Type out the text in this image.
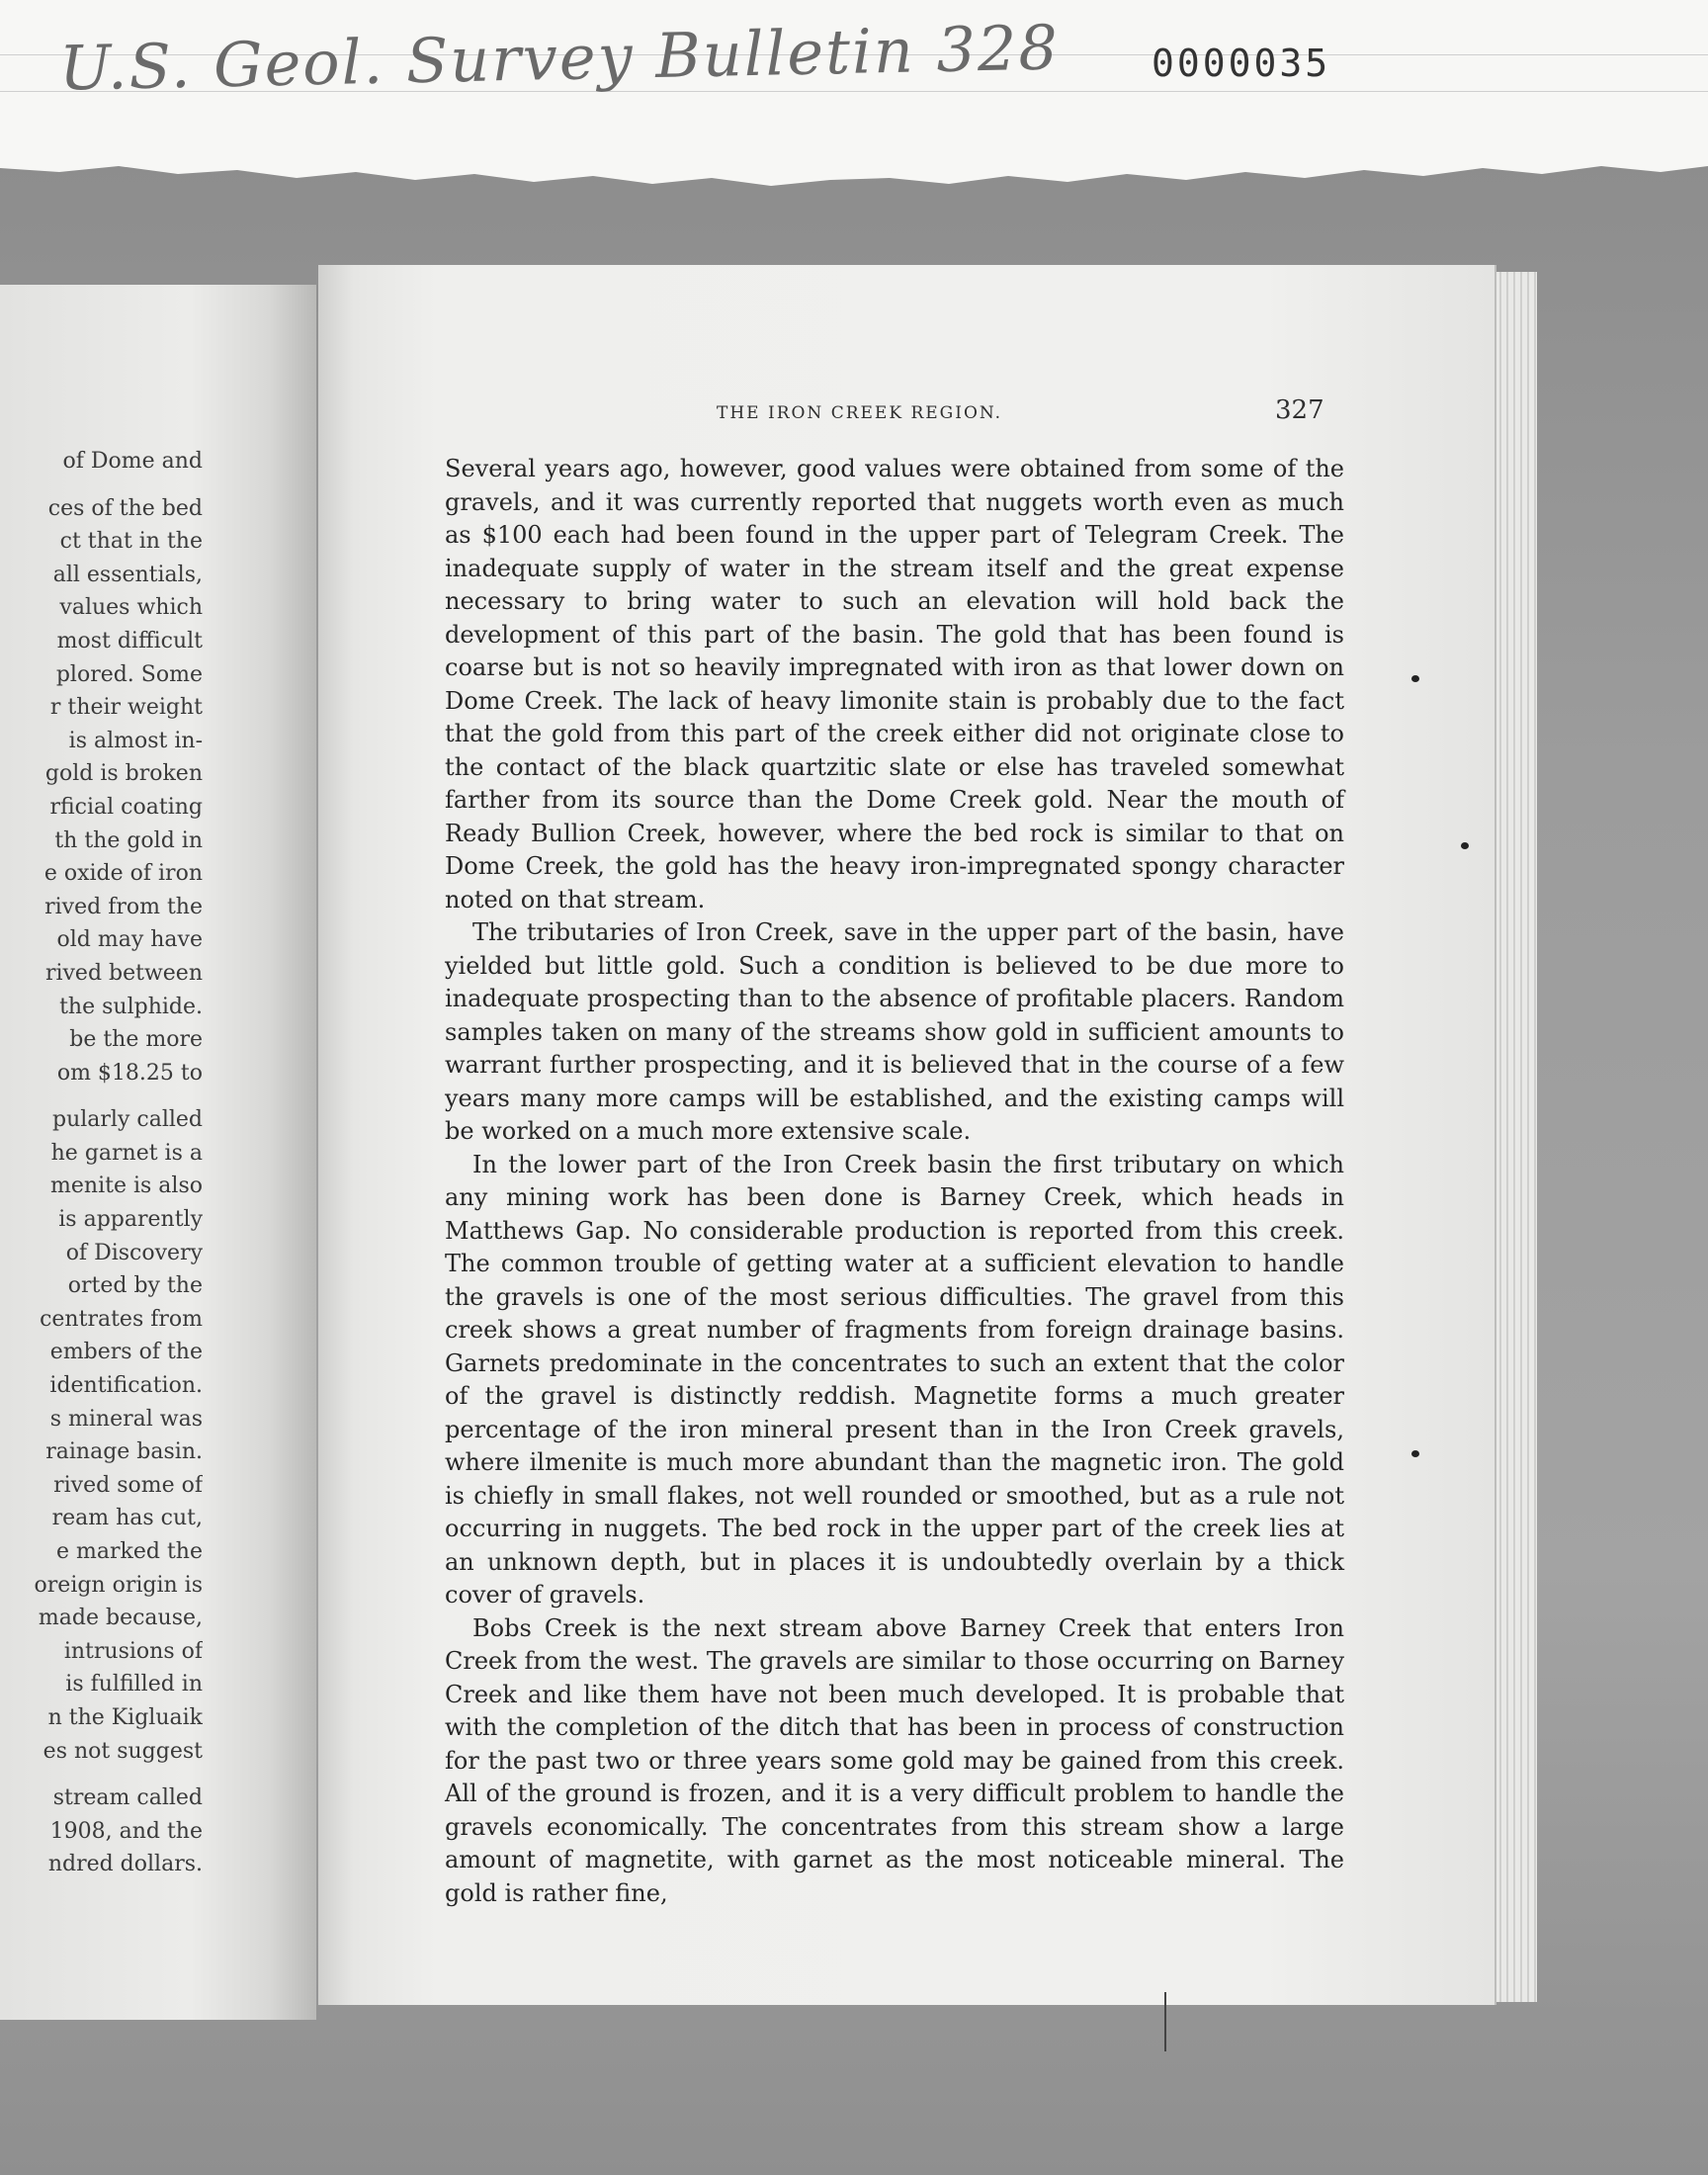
U.S. Geol. Survey Bulletin 328 0000035
of Dome and

ces of the bed
ct that in the
all essentials,
values which
most difficult
plored. Some
r their weight
is almost in-
gold is broken
rficial coating
th the gold in
e oxide of iron
rived from the
old may have
rived between
the sulphide.
be the more
om $18.25 to

pularly called
he garnet is a
menite is also
is apparently
of Discovery
orted by the
centrates from
embers of the
identification.
s mineral was
rainage basin.
rived some of
ream has cut,
e marked the
oreign origin is
made because,
intrusions of
is fulfilled in
n the Kigluaik
es not suggest

stream called
1908, and the
ndred dollars.
THE IRON CREEK REGION.	327

Several years ago, however, good values were obtained from some of the gravels, and it was currently reported that nuggets worth even as much as $100 each had been found in the upper part of Telegram Creek. The inadequate supply of water in the stream itself and the great expense necessary to bring water to such an elevation will hold back the development of this part of the basin. The gold that has been found is coarse but is not so heavily impregnated with iron as that lower down on Dome Creek. The lack of heavy limonite stain is probably due to the fact that the gold from this part of the creek either did not originate close to the contact of the black quartzitic slate or else has traveled somewhat farther from its source than the Dome Creek gold. Near the mouth of Ready Bullion Creek, however, where the bed rock is similar to that on Dome Creek, the gold has the heavy iron-impregnated spongy character noted on that stream.

The tributaries of Iron Creek, save in the upper part of the basin, have yielded but little gold. Such a condition is believed to be due more to inadequate prospecting than to the absence of profitable placers. Random samples taken on many of the streams show gold in sufficient amounts to warrant further prospecting, and it is believed that in the course of a few years many more camps will be established, and the existing camps will be worked on a much more extensive scale.

In the lower part of the Iron Creek basin the first tributary on which any mining work has been done is Barney Creek, which heads in Matthews Gap. No considerable production is reported from this creek. The common trouble of getting water at a sufficient elevation to handle the gravels is one of the most serious difficulties. The gravel from this creek shows a great number of fragments from foreign drainage basins. Garnets predominate in the concentrates to such an extent that the color of the gravel is distinctly reddish. Magnetite forms a much greater percentage of the iron mineral present than in the Iron Creek gravels, where ilmenite is much more abundant than the magnetic iron. The gold is chiefly in small flakes, not well rounded or smoothed, but as a rule not occurring in nuggets. The bed rock in the upper part of the creek lies at an unknown depth, but in places it is undoubtedly overlain by a thick cover of gravels.

Bobs Creek is the next stream above Barney Creek that enters Iron Creek from the west. The gravels are similar to those occurring on Barney Creek and like them have not been much developed. It is probable that with the completion of the ditch that has been in process of construction for the past two or three years some gold may be gained from this creek. All of the ground is frozen, and it is a very difficult problem to handle the gravels economically. The concentrates from this stream show a large amount of magnetite, with garnet as the most noticeable mineral. The gold is rather fine,
